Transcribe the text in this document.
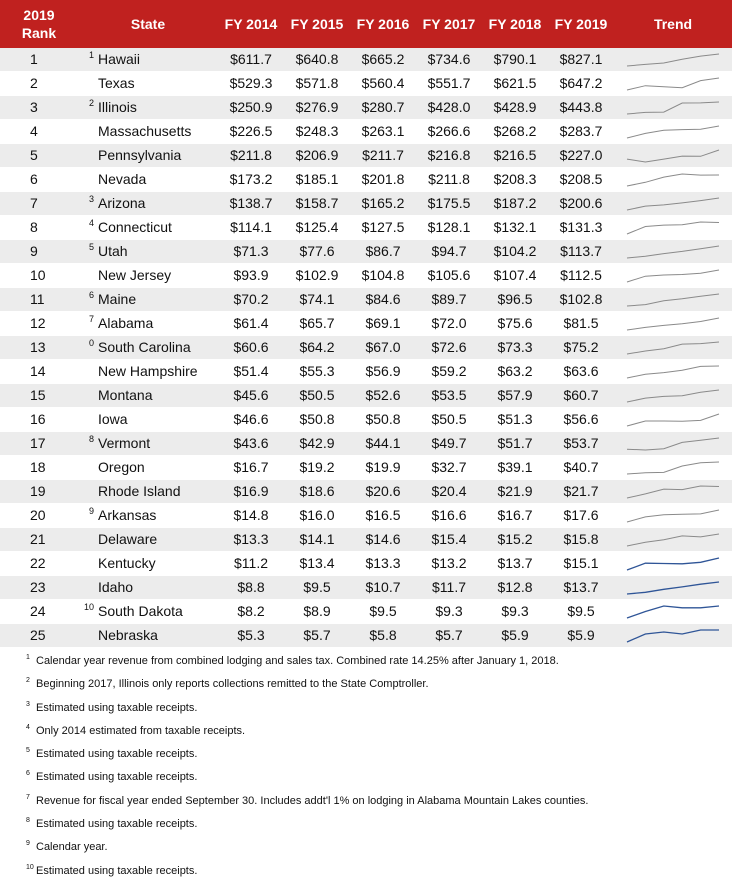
2019
Rank	State	FY 2014	FY 2015	FY 2016	FY 2017	FY 2018	FY 2019	Trend
1	1 Hawaii	$611.7	$640.8	$665.2	$734.6	$790.1	$827.1	

2	Texas	$529.3	$571.8	$560.4	$551.7	$621.5	$647.2	

3	2 Illinois	$250.9	$276.9	$280.7	$428.0	$428.9	$443.8	

4	Massachusetts	$226.5	$248.3	$263.1	$266.6	$268.2	$283.7	

5	Pennsylvania	$211.8	$206.9	$211.7	$216.8	$216.5	$227.0	

6	Nevada	$173.2	$185.1	$201.8	$211.8	$208.3	$208.5	

7	3 Arizona	$138.7	$158.7	$165.2	$175.5	$187.2	$200.6	

8	4 Connecticut	$114.1	$125.4	$127.5	$128.1	$132.1	$131.3	

9	5 Utah	$71.3	$77.6	$86.7	$94.7	$104.2	$113.7	

10	New Jersey	$93.9	$102.9	$104.8	$105.6	$107.4	$112.5	

11	6 Maine	$70.2	$74.1	$84.6	$89.7	$96.5	$102.8	

12	7 Alabama	$61.4	$65.7	$69.1	$72.0	$75.6	$81.5	

13	0 South Carolina	$60.6	$64.2	$67.0	$72.6	$73.3	$75.2	

14	New Hampshire	$51.4	$55.3	$56.9	$59.2	$63.2	$63.6	

15	Montana	$45.6	$50.5	$52.6	$53.5	$57.9	$60.7	

16	Iowa	$46.6	$50.8	$50.8	$50.5	$51.3	$56.6	

17	8 Vermont	$43.6	$42.9	$44.1	$49.7	$51.7	$53.7	

18	Oregon	$16.7	$19.2	$19.9	$32.7	$39.1	$40.7	

19	Rhode Island	$16.9	$18.6	$20.6	$20.4	$21.9	$21.7	

20	9 Arkansas	$14.8	$16.0	$16.5	$16.6	$16.7	$17.6	

21	Delaware	$13.3	$14.1	$14.6	$15.4	$15.2	$15.8	

22	Kentucky	$11.2	$13.4	$13.3	$13.2	$13.7	$15.1	

23	Idaho	$8.8	$9.5	$10.7	$11.7	$12.8	$13.7	

24	10 South Dakota	$8.2	$8.9	$9.5	$9.3	$9.3	$9.5	

25	Nebraska	$5.3	$5.7	$5.8	$5.7	$5.9	$5.9	
1 Calendar year revenue from combined lodging and sales tax. Combined rate 14.25% after January 1, 2018.
2 Beginning 2017, Illinois only reports collections remitted to the State Comptroller.
3 Estimated using taxable receipts.
4 Only 2014 estimated from taxable receipts.
5 Estimated using taxable receipts.
6 Estimated using taxable receipts.
7 Revenue for fiscal year ended September 30. Includes addt'l 1% on lodging in Alabama Mountain Lakes counties.
8 Estimated using taxable receipts.
9 Calendar year.
10 Estimated using taxable receipts.
